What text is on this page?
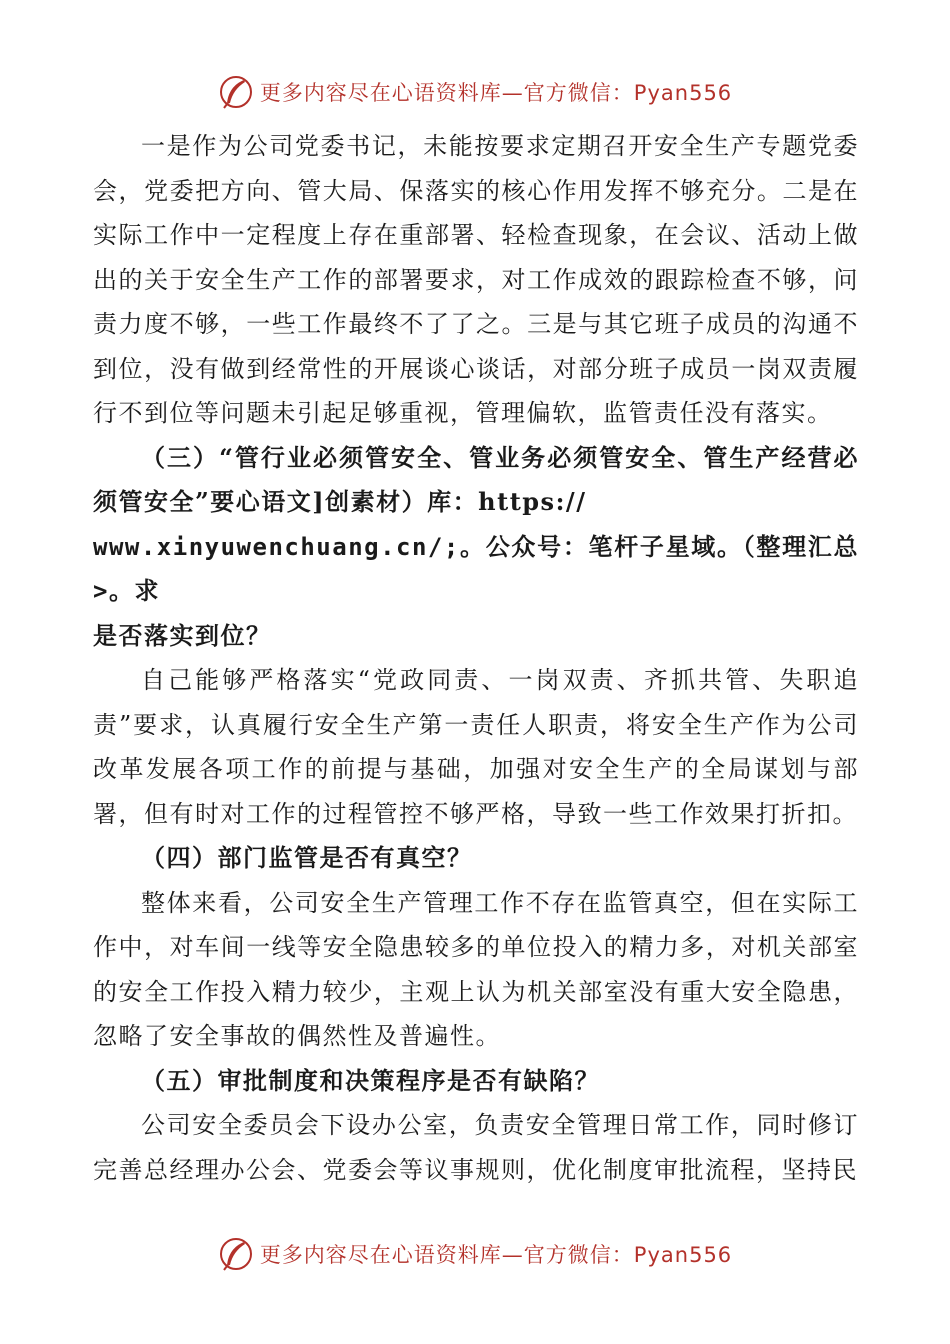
更多内容尽在心语资料库—官方微信：Pyan556

一是作为公司党委书记，未能按要求定期召开安全生产专题党委会，党委把方向、管大局、保落实的核心作用发挥不够充分。二是在实际工作中一定程度上存在重部署、轻检查现象，在会议、活动上做出的关于安全生产工作的部署要求，对工作成效的跟踪检查不够，问责力度不够，一些工作最终不了了之。三是与其它班子成员的沟通不到位，没有做到经常性的开展谈心谈话，对部分班子成员一岗双责履行不到位等问题未引起足够重视，管理偏软，监管责任没有落实。

（三）“管行业必须管安全、管业务必须管安全、管生产经营必须管安全”要心语文]创素材）库：https://

www.xinyuwenchuang.cn/;。公众号：笔杆子星域。（整理汇总>。求

是否落实到位？

自己能够严格落实“党政同责、一岗双责、齐抓共管、失职追责”要求，认真履行安全生产第一责任人职责，将安全生产作为公司改革发展各项工作的前提与基础，加强对安全生产的全局谋划与部署，但有时对工作的过程管控不够严格，导致一些工作效果打折扣。

（四）部门监管是否有真空？

整体来看，公司安全生产管理工作不存在监管真空，但在实际工作中，对车间一线等安全隐患较多的单位投入的精力多，对机关部室的安全工作投入精力较少，主观上认为机关部室没有重大安全隐患， 忽略了安全事故的偶然性及普遍性。

（五）审批制度和决策程序是否有缺陷？

公司安全委员会下设办公室，负责安全管理日常工作，同时修订完善总经理办公会、党委会等议事规则，优化制度审批流程，坚持民

更多内容尽在心语资料库—官方微信：Pyan556
